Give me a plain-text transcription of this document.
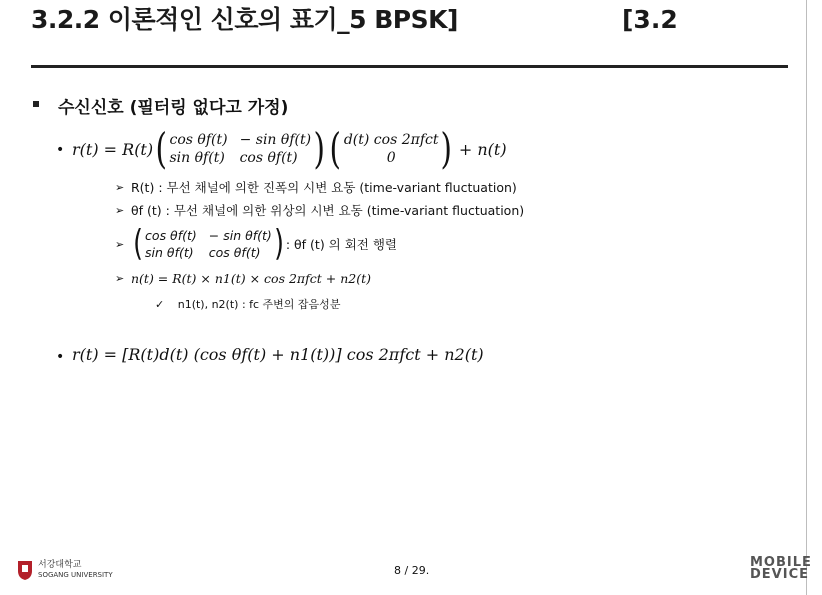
3.2.2 이론적인 신호의 표기_5 BPSK]	[3.2
수신신호 (필터링 없다고 가정)
• r(t) = R(t) ( cos θf(t) − sin θf(t)
sin θf(t) cos θf(t) ) ( d(t) cos 2πfct
0	) + n(t)
➢ R(t) : 무선 채널에 의한 진폭의 시변 요동 (time-variant fluctuation)
➢ θf (t) : 무선 채널에 의한 위상의 시변 요동 (time-variant fluctuation)
➢ ( cos θf(t) − sin θf(t)
sin θf(t) cos θf(t) ) : θf (t) 의 회전 행렬
➢ n(t) = R(t) × n1(t) × cos 2πfct + n2(t)
✓ n1(t), n2(t) : fc 주변의 잡음성분
• r(t) = [R(t)d(t) (cos θf(t) + n1(t))] cos 2πfct + n2(t)
서강대학교
SOGANG UNIVERSITY	8 / 29.
MOBILE
DEVICE
